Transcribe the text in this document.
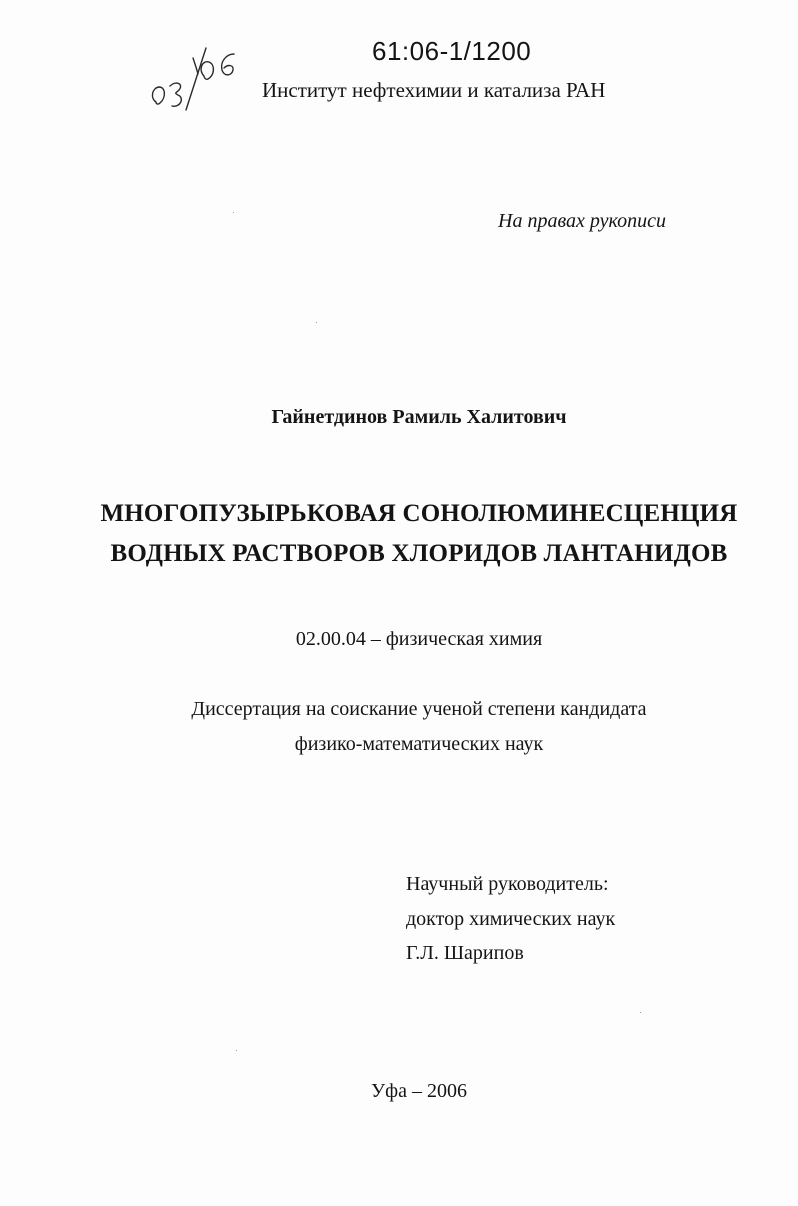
61:06-1/1200
Институт нефтехимии и катализа РАН
На правах рукописи
Гайнетдинов Рамиль Халитович
МНОГОПУЗЫРЬКОВАЯ СОНОЛЮМИНЕСЦЕНЦИЯ
ВОДНЫХ РАСТВОРОВ ХЛОРИДОВ ЛАНТАНИДОВ
02.00.04 – физическая химия
Диссертация на соискание ученой степени кандидата
физико-математических наук
Научный руководитель:
доктор химических наук
Г.Л. Шарипов
Уфа – 2006
